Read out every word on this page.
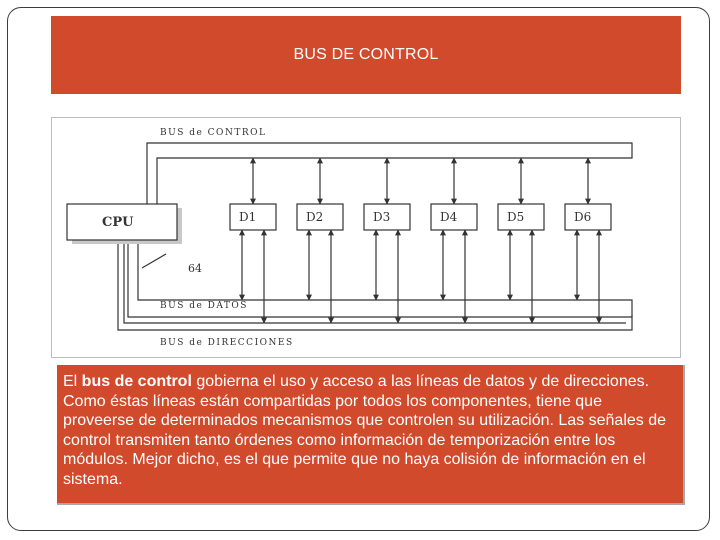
BUS DE CONTROL
BUS de CONTROL
BUS de DATOS
BUS de DIRECCIONES
CPU
64
D1	D2	D3	D4	D5	D6

El bus de control gobierna el uso y acceso a las líneas de datos y de direcciones. Como éstas líneas están compartidas por todos los componentes, tiene que proveerse de determinados mecanismos que controlen su utilización. Las señales de control transmiten tanto órdenes como información de temporización entre los módulos. Mejor dicho, es el que permite que no haya colisión de información en el sistema.
